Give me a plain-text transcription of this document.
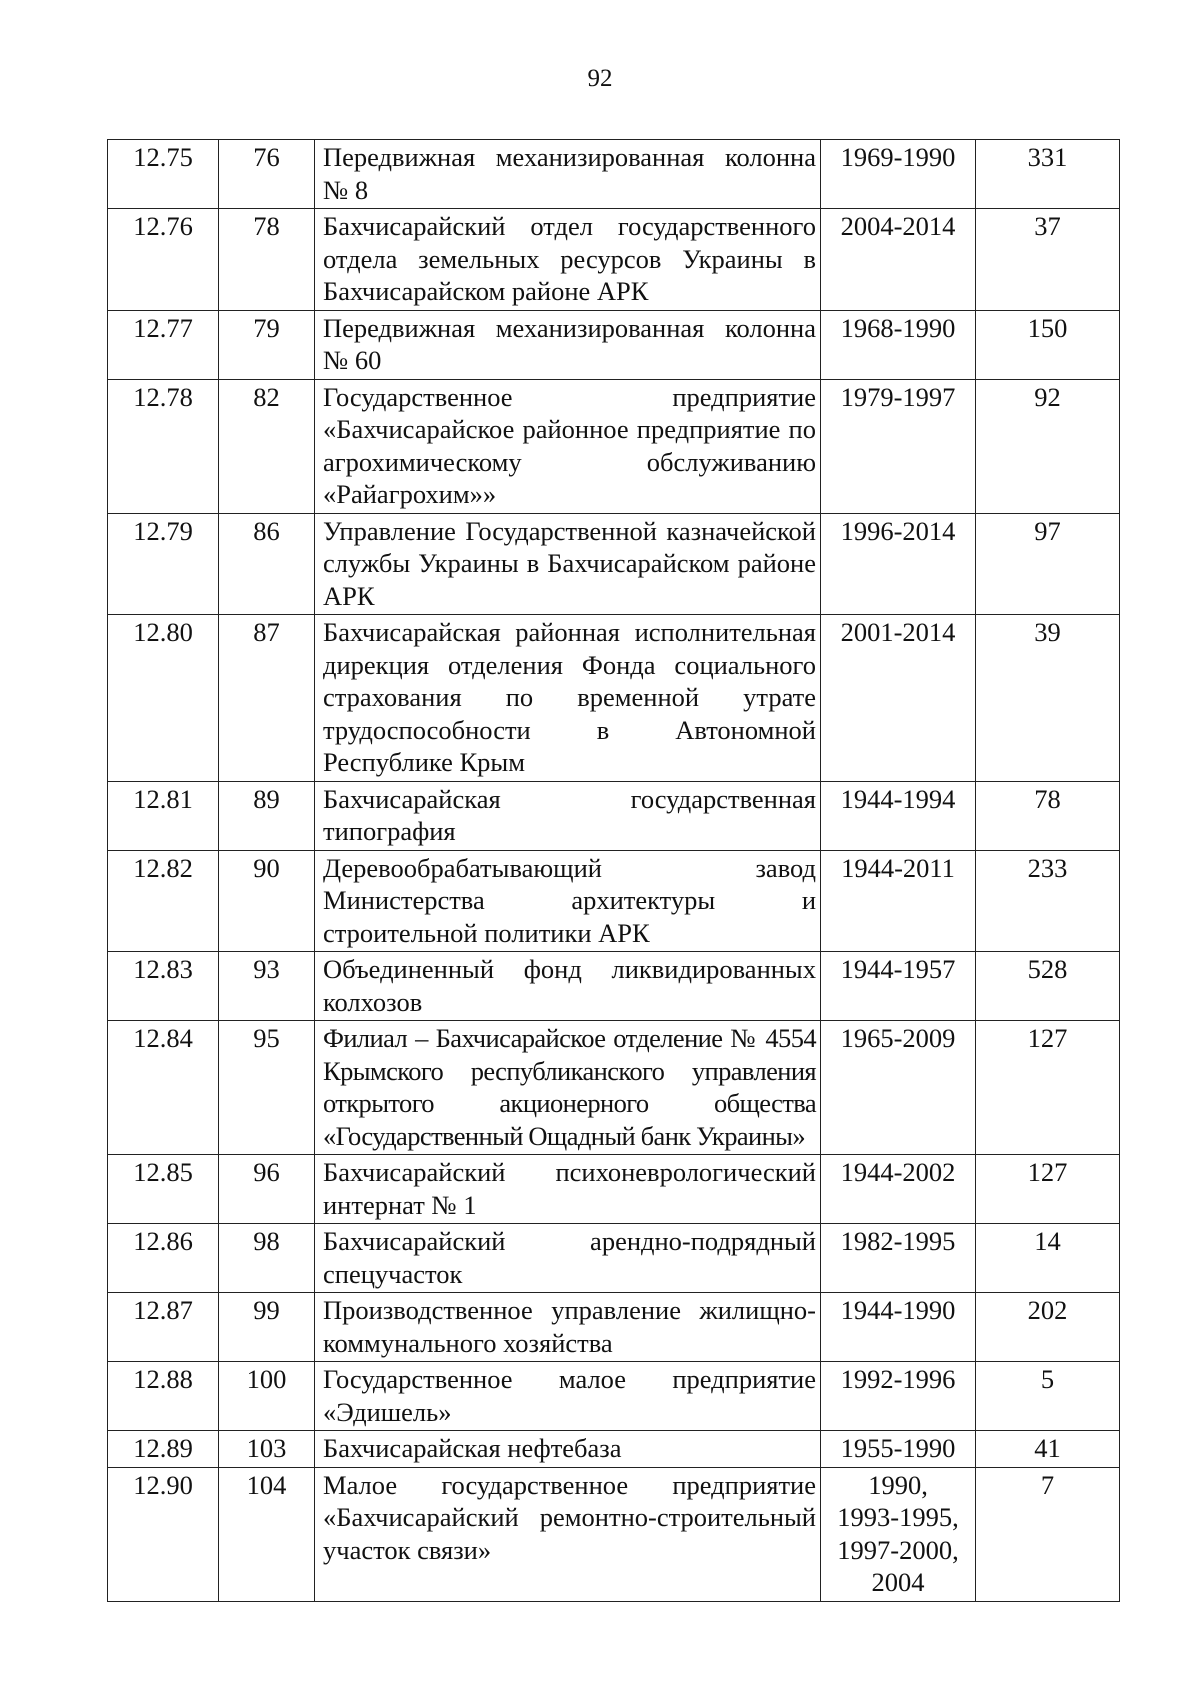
92
12.75	76	Передвижная механизированная колонна № 8	1969-1990	331
12.76	78	Бахчисарайский отдел государственного отдела земельных ресурсов Украины в Бахчисарайском районе АРК	2004-2014	37
12.77	79	Передвижная механизированная колонна № 60	1968-1990	150
12.78	82	Государственное предприятие «Бахчисарайское районное предприятие по агрохимическому обслуживанию «Райагрохим»»	1979-1997	92
12.79	86	Управление Государственной казначейской службы Украины в Бахчисарайском районе АРК	1996-2014	97
12.80	87	Бахчисарайская районная исполнительная дирекция отделения Фонда социального страхования по временной утрате трудоспособности в Автономной Республике Крым	2001-2014	39
12.81	89	Бахчисарайская государственная типография	1944-1994	78
12.82	90	Деревообрабатывающий завод Министерства архитектуры и строительной политики АРК	1944-2011	233
12.83	93	Объединенный фонд ликвидированных колхозов	1944-1957	528
12.84	95	Филиал – Бахчисарайское отделение № 4554 Крымского республиканского управления открытого акционерного общества «Государственный Ощадный банк Украины»	1965-2009	127
12.85	96	Бахчисарайский психоневрологический интернат № 1	1944-2002	127
12.86	98	Бахчисарайский арендно-подрядный спецучасток	1982-1995	14
12.87	99	Производственное управление жилищно-коммунального хозяйства	1944-1990	202
12.88	100	Государственное малое предприятие «Эдишель»	1992-1996	5
12.89	103	Бахчисарайская нефтебаза	1955-1990	41
12.90	104	Малое государственное предприятие «Бахчисарайский ремонтно-строительный участок связи»	1990,
1993-1995,
1997-2000,
2004	7
